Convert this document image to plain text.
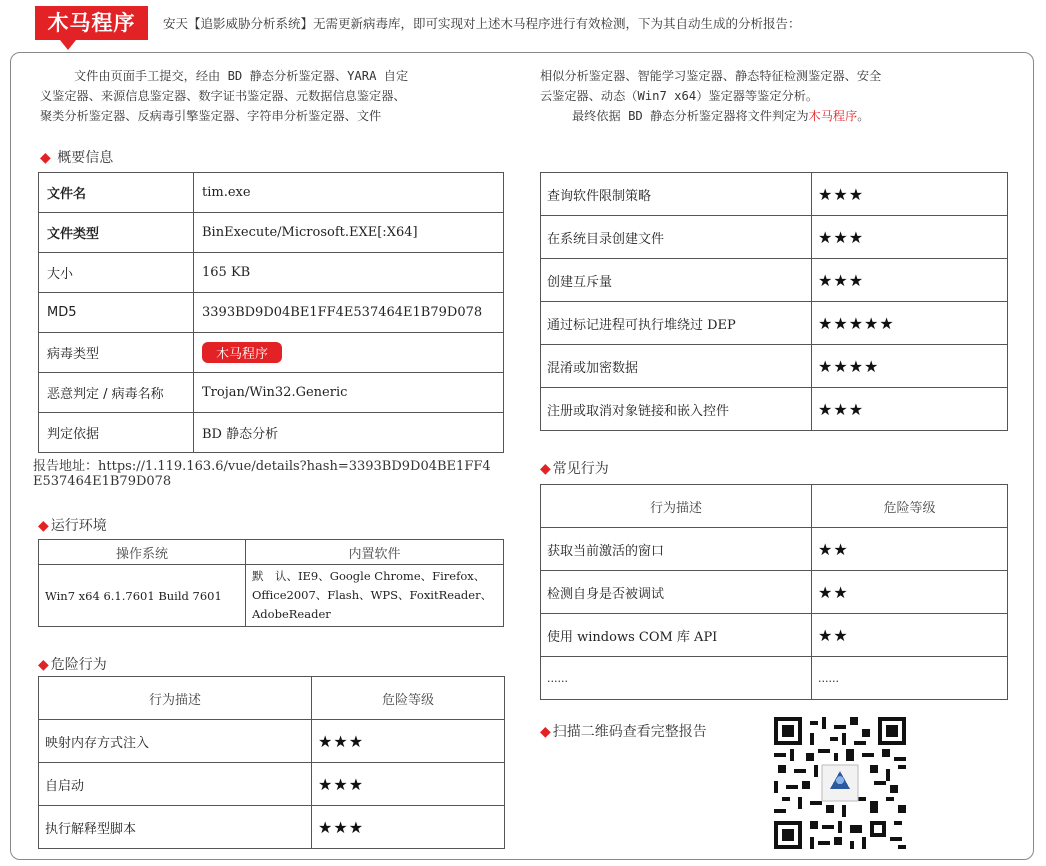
木马程序	安天【追影威胁分析系统】无需更新病毒库，即可实现对上述木马程序进行有效检测，下为其自动生成的分析报告：
文件由页面手工提交，经由 BD 静态分析鉴定器、YARA 自定
义鉴定器、来源信息鉴定器、数字证书鉴定器、元数据信息鉴定器、
聚类分析鉴定器、反病毒引擎鉴定器、字符串分析鉴定器、文件
相似分析鉴定器、智能学习鉴定器、静态特征检测鉴定器、安全
云鉴定器、动态（Win7 x64）鉴定器等鉴定分析。
最终依据 BD 静态分析鉴定器将文件判定为木马程序。
◆ 概要信息
文件名	tim.exe
文件类型	BinExecute/Microsoft.EXE[:X64]
大小	165 KB
MD5	3393BD9D04BE1FF4E537464E1B79D078
病毒类型	木马程序
恶意判定 / 病毒名称	Trojan/Win32.Generic
判定依据	BD 静态分析
报告地址：https://1.119.163.6/vue/details?hash=3393BD9D04BE1FF4
E537464E1B79D078
◆ 运行环境
操作系统	内置软件
Win7 x64 6.1.7601 Build 7601	默　认、IE9、Google Chrome、Firefox、
Office2007、Flash、WPS、FoxitReader、
AdobeReader
◆ 危险行为
行为描述	危险等级
映射内存方式注入	★★★
自启动	★★★
执行解释型脚本	★★★
查询软件限制策略	★★★
在系统目录创建文件	★★★
创建互斥量	★★★
通过标记进程可执行堆绕过 DEP	★★★★★
混淆或加密数据	★★★★
注册或取消对象链接和嵌入控件	★★★
◆ 常见行为
行为描述	危险等级
获取当前激活的窗口	★★
检测自身是否被调试	★★
使用 windows COM 库 API	★★
......	......
◆ 扫描二维码查看完整报告
